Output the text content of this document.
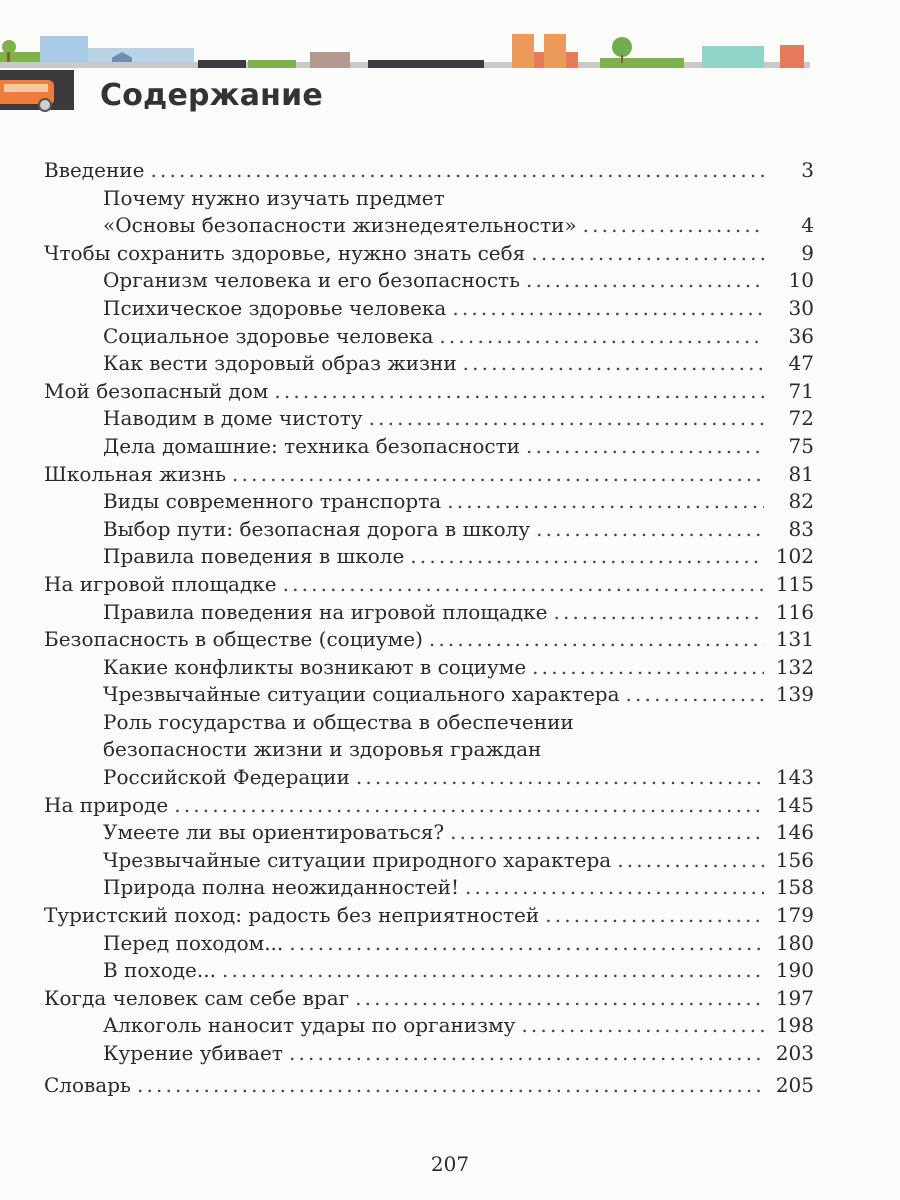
Содержание
Введение . . .	3
Почему нужно изучать предмет
«Основы безопасности жизнедеятельности» . . .	4
Чтобы сохранить здоровье, нужно знать себя . . .	9
Организм человека и его безопасность . . .	10
Психическое здоровье человека . . .	30
Социальное здоровье человека . . .	36
Как вести здоровый образ жизни . . .	47
Мой безопасный дом . . .	71
Наводим в доме чистоту . . .	72
Дела домашние: техника безопасности . . .	75
Школьная жизнь . . .	81
Виды современного транспорта . . .	82
Выбор пути: безопасная дорога в школу . . .	83
Правила поведения в школе . . .	102
На игровой площадке . . .	115
Правила поведения на игровой площадке . . .	116
Безопасность в обществе (социуме) . . .	131
Какие конфликты возникают в социуме . . .	132
Чрезвычайные ситуации социального характера . . .	139
Роль государства и общества в обеспечении
безопасности жизни и здоровья граждан
Российской Федерации . . .	143
На природе . . .	145
Умеете ли вы ориентироваться? . . .	146
Чрезвычайные ситуации природного характера . . .	156
Природа полна неожиданностей! . . .	158
Туристский поход: радость без неприятностей . . .	179
Перед походом... . . .	180
В походе... . . .	190
Когда человек сам себе враг . . .	197
Алкоголь наносит удары по организму . . .	198
Курение убивает . . .	203
Словарь . . .	205
207
